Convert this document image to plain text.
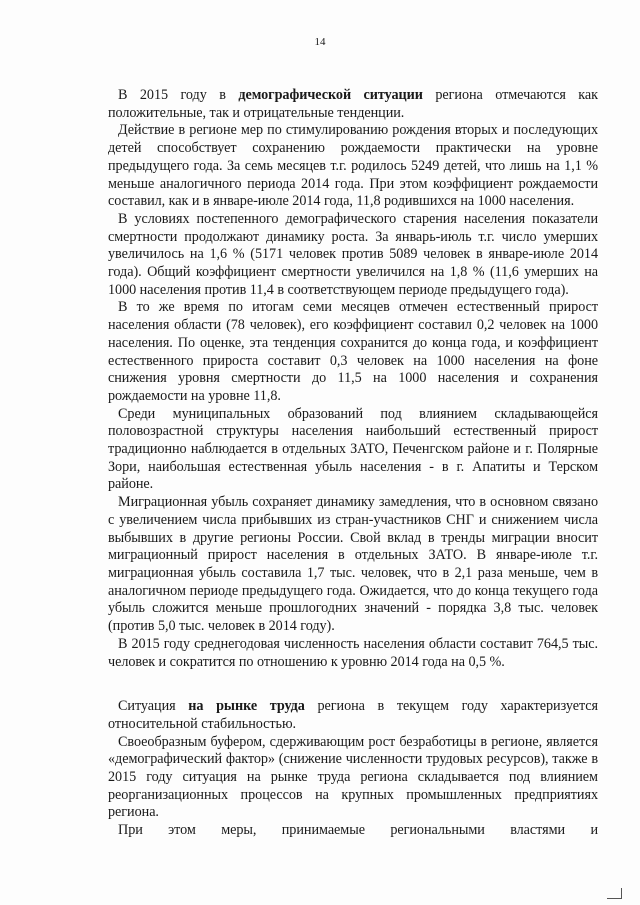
14

В 2015 году в демографической ситуации региона отмечаются как положительные, так и отрицательные тенденции.

Действие в регионе мер по стимулированию рождения вторых и последующих детей способствует сохранению рождаемости практически на уровне предыдущего года. За семь месяцев т.г. родилось 5249 детей, что лишь на 1,1 % меньше аналогичного периода 2014 года. При этом коэффициент рождаемости составил, как и в январе-июле 2014 года, 11,8 родившихся на 1000 населения.

В условиях постепенного демографического старения населения показатели смертности продолжают динамику роста. За январь-июль т.г. число умерших увеличилось на 1,6 % (5171 человек против 5089 человек в январе-июле 2014 года). Общий коэффициент смертности увеличился на 1,8 % (11,6 умерших на 1000 населения против 11,4 в соответствующем периоде предыдущего года).

В то же время по итогам семи месяцев отмечен естественный прирост населения области (78 человек), его коэффициент составил 0,2 человек на 1000 населения. По оценке, эта тенденция сохранится до конца года, и коэффициент естественного прироста составит 0,3 человек на 1000 населения на фоне снижения уровня смертности до 11,5 на 1000 населения и сохранения рождаемости на уровне 11,8.

Среди муниципальных образований под влиянием складывающейся половозрастной структуры населения наибольший естественный прирост традиционно наблюдается в отдельных ЗАТО, Печенгском районе и г. Полярные Зори, наибольшая естественная убыль населения - в г. Апатиты и Терском районе.

Миграционная убыль сохраняет динамику замедления, что в основном связано с увеличением числа прибывших из стран-участников СНГ и снижением числа выбывших в другие регионы России. Свой вклад в тренды миграции вносит миграционный прирост населения в отдельных ЗАТО. В январе-июле т.г. миграционная убыль составила 1,7 тыс. человек, что в 2,1 раза меньше, чем в аналогичном периоде предыдущего года. Ожидается, что до конца текущего года убыль сложится меньше прошлогодних значений - порядка 3,8 тыс. человек (против 5,0 тыс. человек в 2014 году).

В 2015 году среднегодовая численность населения области составит 764,5 тыс. человек и сократится по отношению к уровню 2014 года на 0,5 %.

Ситуация на рынке труда региона в текущем году характеризуется относительной стабильностью.

Своеобразным буфером, сдерживающим рост безработицы в регионе, является «демографический фактор» (снижение численности трудовых ресурсов), также в 2015 году ситуация на рынке труда региона складывается под влиянием реорганизационных процессов на крупных промышленных предприятиях региона.

При этом меры, принимаемые региональными властями и
